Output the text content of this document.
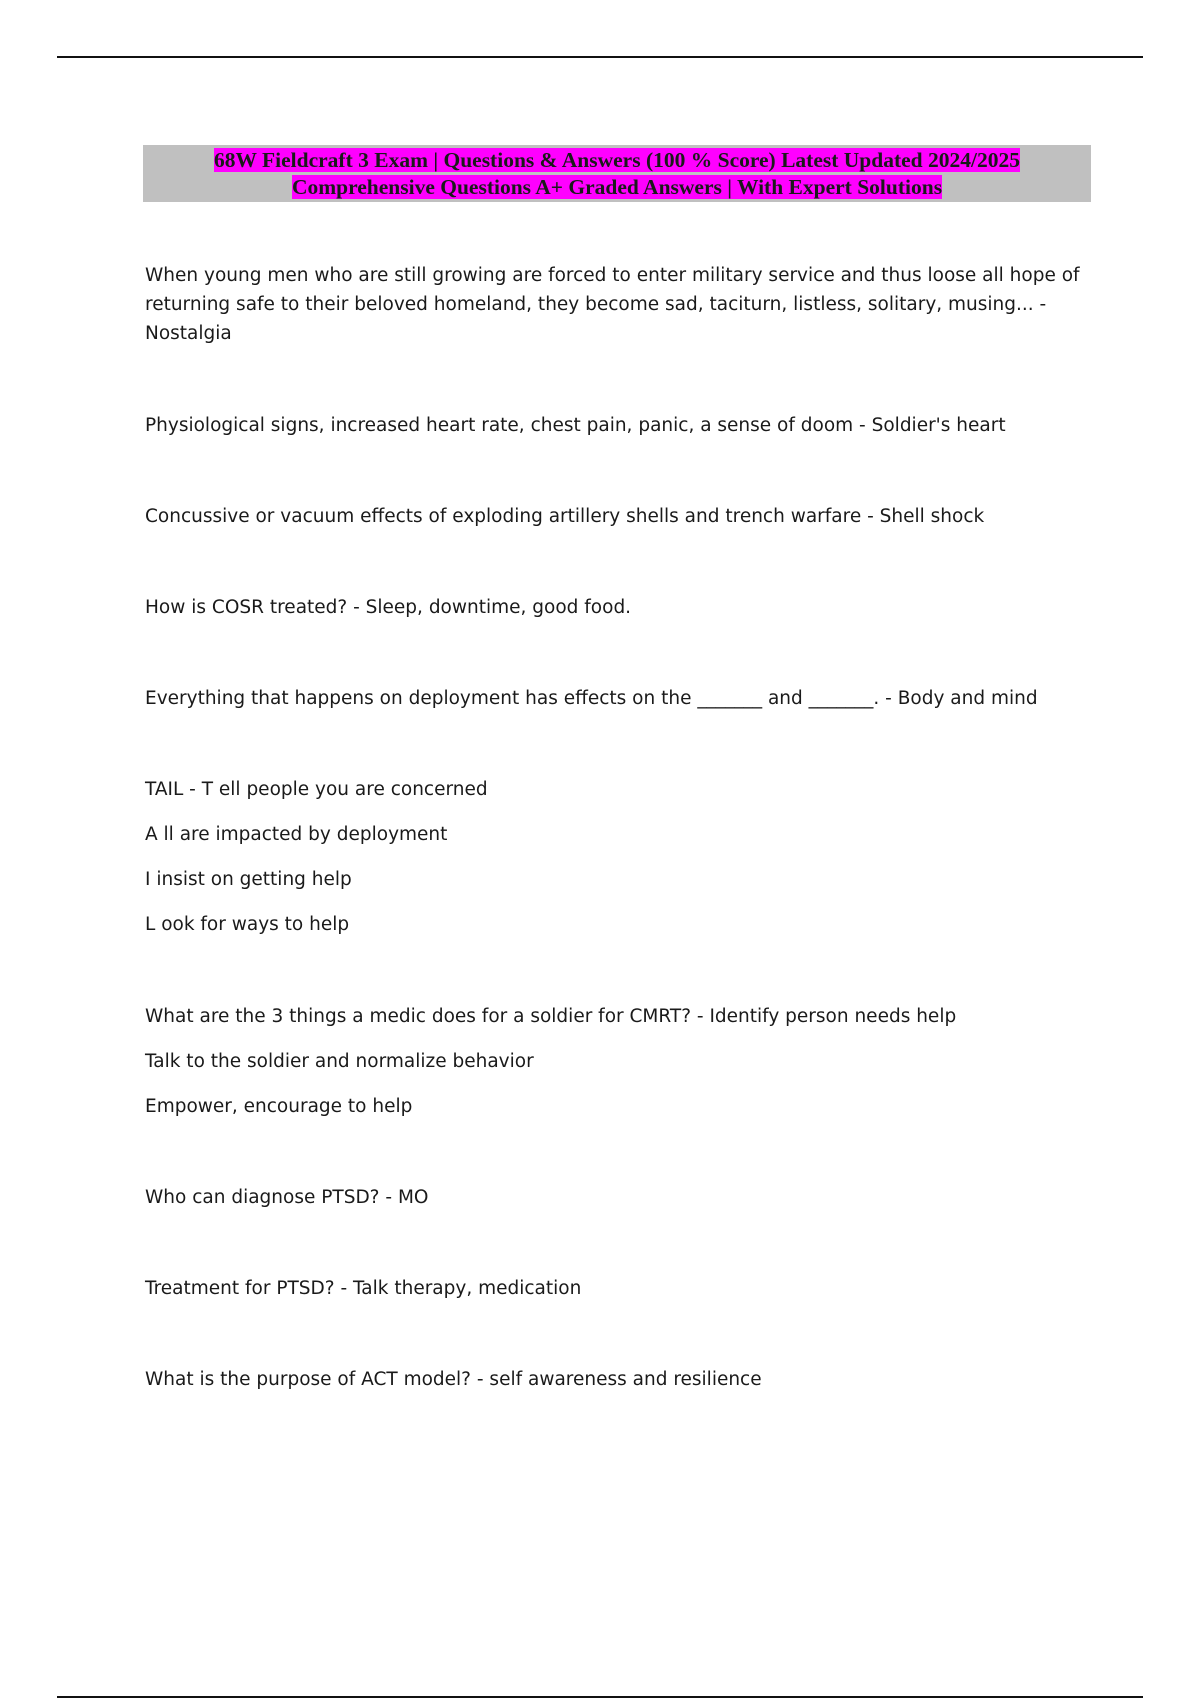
68W Fieldcraft 3 Exam | Questions & Answers (100 % Score) Latest Updated 2024/2025
Comprehensive Questions A+ Graded Answers | With Expert Solutions

When young men who are still growing are forced to enter military service and thus loose all hope of

returning safe to their beloved homeland, they become sad, taciturn, listless, solitary, musing... -

Nostalgia

Physiological signs, increased heart rate, chest pain, panic, a sense of doom - Soldier's heart

Concussive or vacuum effects of exploding artillery shells and trench warfare - Shell shock

How is COSR treated? - Sleep, downtime, good food.

Everything that happens on deployment has effects on the _______ and _______. - Body and mind

TAIL - T ell people you are concerned

A ll are impacted by deployment

I insist on getting help

L ook for ways to help

What are the 3 things a medic does for a soldier for CMRT? - Identify person needs help

Talk to the soldier and normalize behavior

Empower, encourage to help

Who can diagnose PTSD? - MO

Treatment for PTSD? - Talk therapy, medication

What is the purpose of ACT model? - self awareness and resilience
